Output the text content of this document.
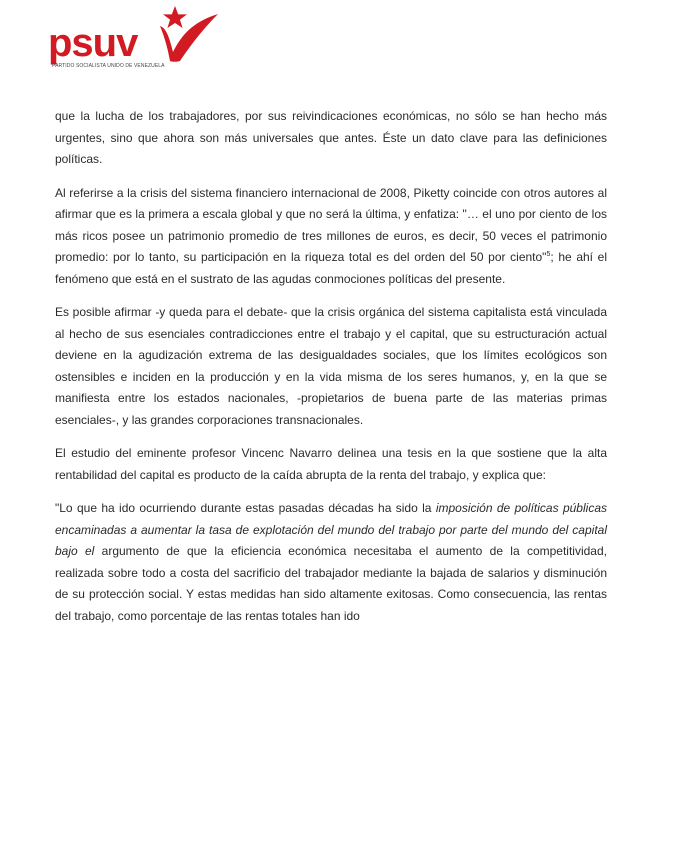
psuv
PARTIDO SOCIALISTA UNIDO DE VENEZUELA

que la lucha de los trabajadores, por sus reivindicaciones económicas, no sólo se han hecho más urgentes, sino que ahora son más universales que antes. Éste un dato clave para las definiciones políticas.

Al referirse a la crisis del sistema financiero internacional de 2008, Piketty coincide con otros autores al afirmar que es la primera a escala global y que no será la última, y enfatiza: "… el uno por ciento de los más ricos posee un patrimonio promedio de tres millones de euros, es decir, 50 veces el patrimonio promedio: por lo tanto, su participación en la riqueza total es del orden del 50 por ciento"$^5$; he ahí el fenómeno que está en el sustrato de las agudas conmociones políticas del presente.

Es posible afirmar -y queda para el debate- que la crisis orgánica del sistema capitalista está vinculada al hecho de sus esenciales contradicciones entre el trabajo y el capital, que su estructuración actual deviene en la agudización extrema de las desigualdades sociales, que los límites ecológicos son ostensibles e inciden en la producción y en la vida misma de los seres humanos, y, en la que se manifiesta entre los estados nacionales, -propietarios de buena parte de las materias primas esenciales-, y las grandes corporaciones transnacionales.

El estudio del eminente profesor Vincenc Navarro delinea una tesis en la que sostiene que la alta rentabilidad del capital es producto de la caída abrupta de la renta del trabajo, y explica que:

"Lo que ha ido ocurriendo durante estas pasadas décadas ha sido la imposición de políticas públicas encaminadas a aumentar la tasa de explotación del mundo del trabajo por parte del mundo del capital bajo el argumento de que la eficiencia económica necesitaba el aumento de la competitividad, realizada sobre todo a costa del sacrificio del trabajador mediante la bajada de salarios y disminución de su protección social. Y estas medidas han sido altamente exitosas. Como consecuencia, las rentas del trabajo, como porcentaje de las rentas totales han ido
